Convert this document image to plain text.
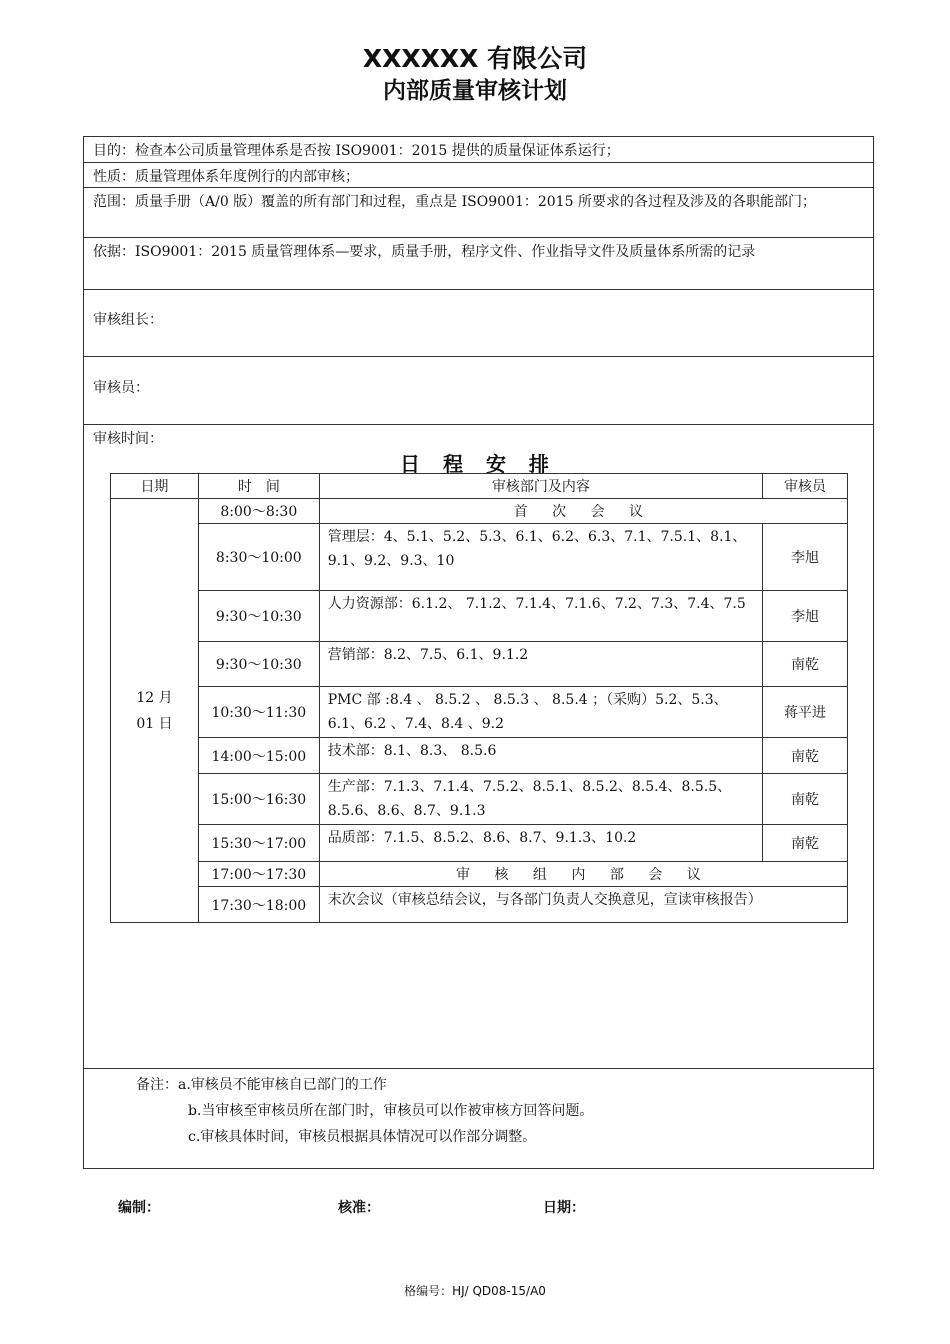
XXXXXX 有限公司
内部质量审核计划
目的：检查本公司质量管理体系是否按 ISO9001：2015 提供的质量保证体系运行；
性质：质量管理体系年度例行的内部审核；
范围：质量手册（A/0 版）覆盖的所有部门和过程，重点是 ISO9001：2015 所要求的各过程及涉及的各职能部门；
依据：ISO9001：2015 质量管理体系—要求，质量手册，程序文件、作业指导文件及质量体系所需的记录
审核组长：
审核员：
审核时间：
日 程 安 排
日期	时　间	审核部门及内容	审核员
12 月
01 日	8:00～8:30	首 次 会 议	
	8:30～10:00	管理层：4、5.1、5.2、5.3、6.1、6.2、6.3、7.1、7.5.1、8.1、9.1、9.2、9.3、10	李旭
	9:30～10:30	人力资源部：6.1.2、 7.1.2、7.1.4、7.1.6、7.2、7.3、7.4、7.5	李旭
	9:30～10:30	营销部：8.2、7.5、6.1、9.1.2	南乾
	10:30～11:30	PMC 部 :8.4 、 8.5.2 、 8.5.3 、 8.5.4 ；（采购）5.2、5.3、6.1、6.2 、7.4、8.4 、9.2	蒋平进
	14:00～15:00	技术部：8.1、8.3、 8.5.6	南乾
	15:00～16:30	生产部：7.1.3、7.1.4、7.5.2、8.5.1、8.5.2、8.5.4、8.5.5、8.5.6、8.6、8.7、9.1.3	南乾
	15:30～17:00	品质部：7.1.5、8.5.2、8.6、8.7、9.1.3、10.2	南乾
	17:00～17:30	审 核 组 内 部 会 议	
	17:30～18:00	末次会议（审核总结会议，与各部门负责人交换意见，宣读审核报告）	
备注：a.审核员不能审核自已部门的工作
b.当审核至审核员所在部门时，审核员可以作被审核方回答问题。
c.审核具体时间，审核员根据具体情况可以作部分调整。
编制：	核准：	日期：
格编号：HJ/ QD08-15/A0
